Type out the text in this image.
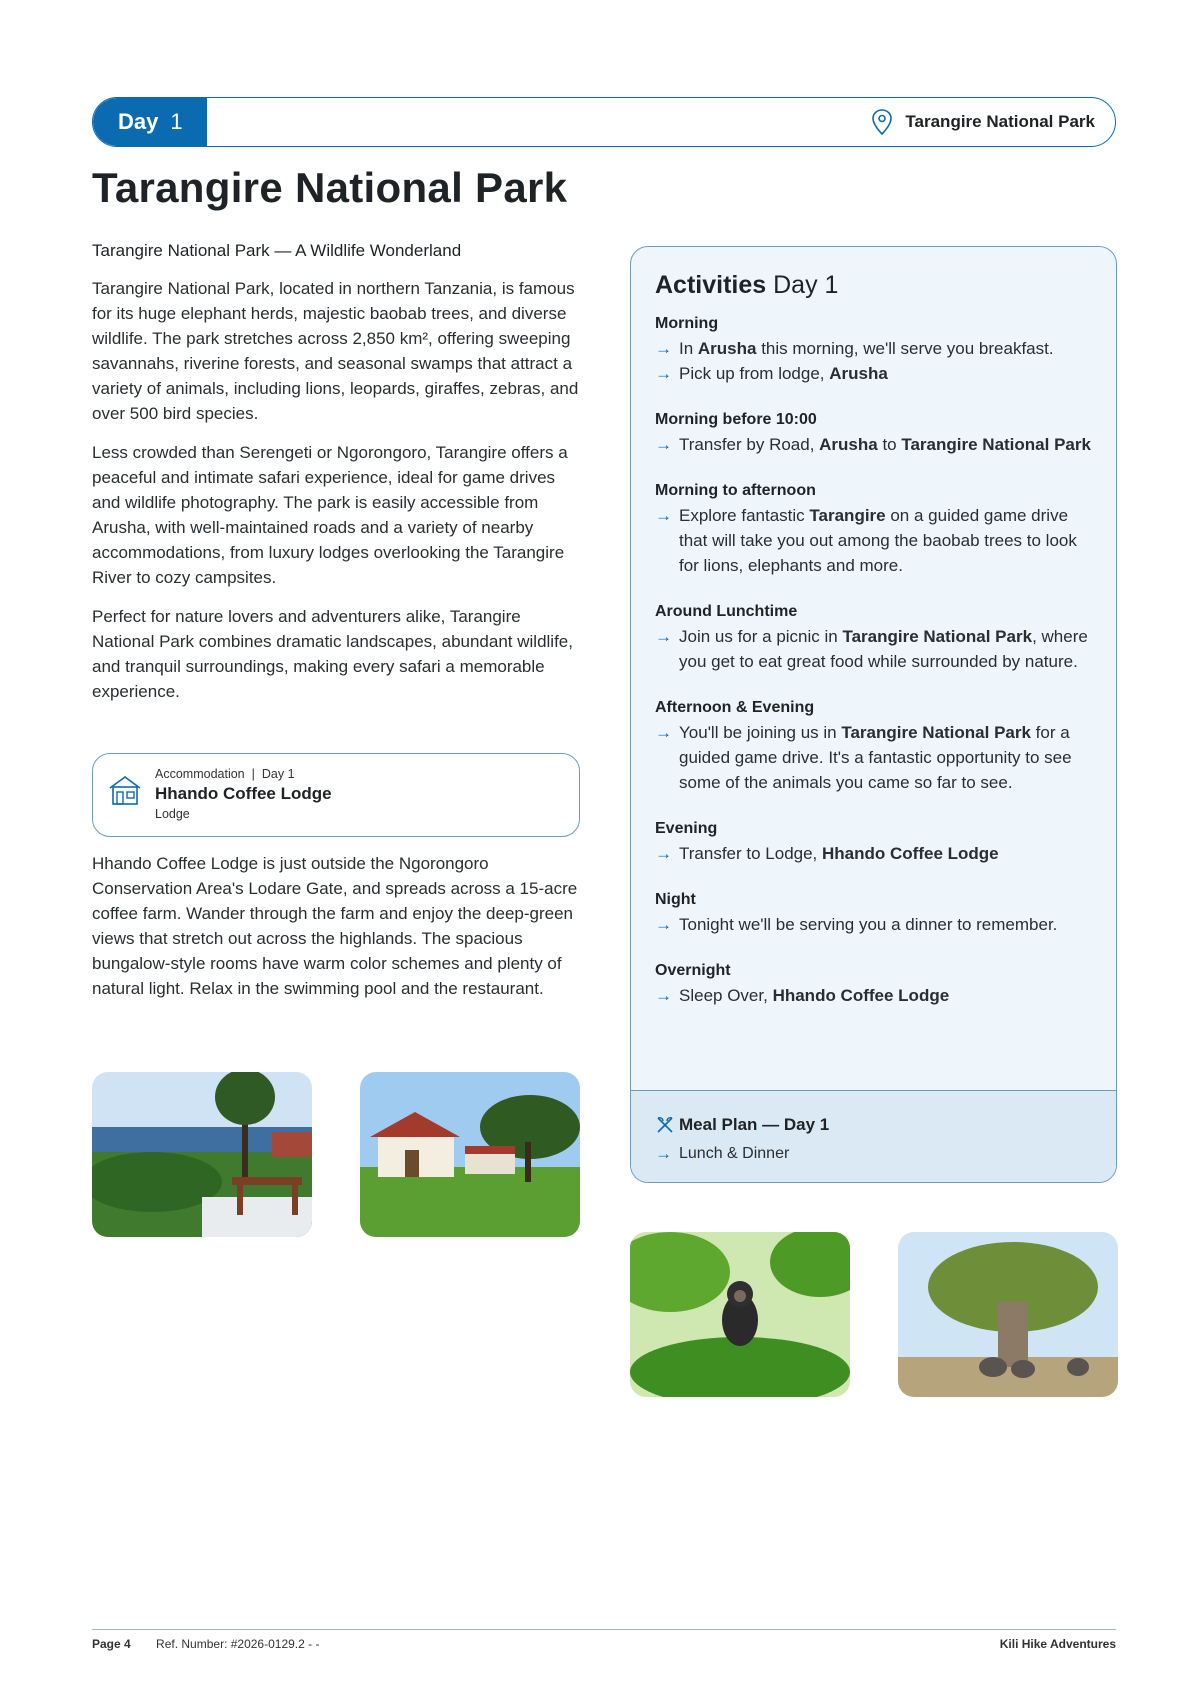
Day 1	Tarangire National Park
Tarangire National Park

Tarangire National Park — A Wildlife Wonderland

Tarangire National Park, located in northern Tanzania, is famous for its huge elephant herds, majestic baobab trees, and diverse wildlife. The park stretches across 2,850 km², offering sweeping savannahs, riverine forests, and seasonal swamps that attract a variety of animals, including lions, leopards, giraffes, zebras, and over 500 bird species.

Less crowded than Serengeti or Ngorongoro, Tarangire offers a peaceful and intimate safari experience, ideal for game drives and wildlife photography. The park is easily accessible from Arusha, with well-maintained roads and a variety of nearby accommodations, from luxury lodges overlooking the Tarangire River to cozy campsites.

Perfect for nature lovers and adventurers alike, Tarangire National Park combines dramatic landscapes, abundant wildlife, and tranquil surroundings, making every safari a memorable experience.

Accommodation | Day 1
Hhando Coffee Lodge
Lodge

Hhando Coffee Lodge is just outside the Ngorongoro Conservation Area's Lodare Gate, and spreads across a 15-acre coffee farm. Wander through the farm and enjoy the deep-green views that stretch out across the highlands. The spacious bungalow-style rooms have warm color schemes and plenty of natural light. Relax in the swimming pool and the restaurant.

Activities Day 1
Morning
→ In Arusha this morning, we'll serve you breakfast.
→ Pick up from lodge, Arusha
Morning before 10:00
→ Transfer by Road, Arusha to Tarangire National Park
Morning to afternoon
→ Explore fantastic Tarangire on a guided game drive that will take you out among the baobab trees to look for lions, elephants and more.
Around Lunchtime
→ Join us for a picnic in Tarangire National Park, where you get to eat great food while surrounded by nature.
Afternoon & Evening
→ You'll be joining us in Tarangire National Park for a guided game drive. It's a fantastic opportunity to see some of the animals you came so far to see.
Evening
→ Transfer to Lodge, Hhando Coffee Lodge
Night
→ Tonight we'll be serving you a dinner to remember.
Overnight
→ Sleep Over, Hhando Coffee Lodge
Meal Plan — Day 1
→ Lunch & Dinner
Page 4 Ref. Number: #2026-0129.2 - -	Kili Hike Adventures
